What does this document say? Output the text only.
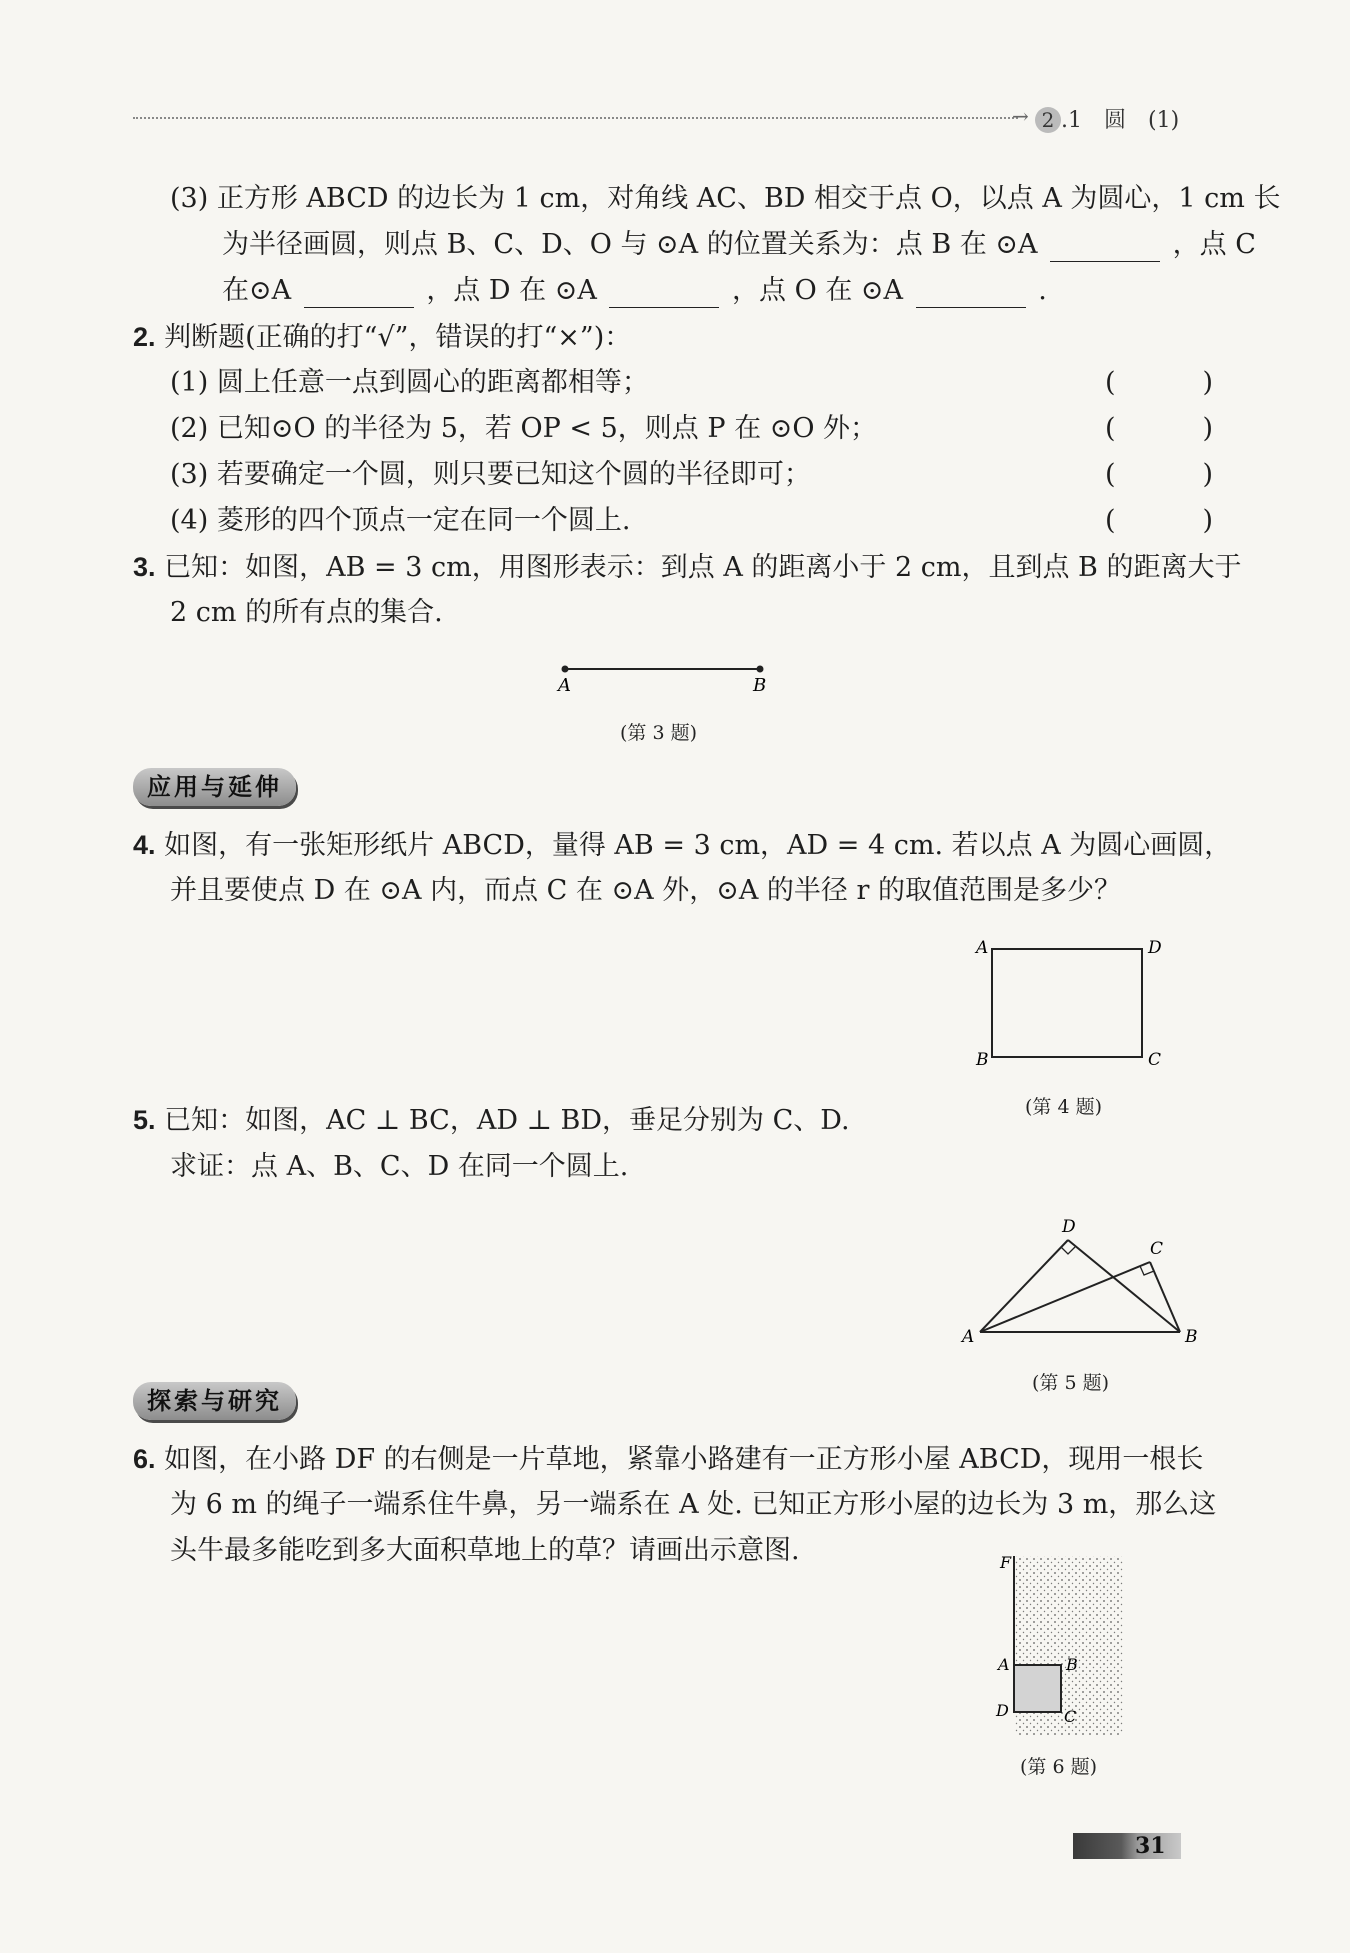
→ 2 .1　圆　(1)
(3) 正方形 ABCD 的边长为 1 cm，对角线 AC、BD 相交于点 O，以点 A 为圆心，1 cm 长
为半径画圆，则点 B、C、D、O 与 ⊙A 的位置关系为：点 B 在 ⊙A	，点 C
在⊙A	，点 D 在 ⊙A	，点 O 在 ⊙A	.
2. 判断题(正确的打“√”，错误的打“×”)：
(1) 圆上任意一点到圆心的距离都相等；	(　)
(2) 已知⊙O 的半径为 5，若 OP < 5，则点 P 在 ⊙O 外；	(　)
(3) 若要确定一个圆，则只要已知这个圆的半径即可；	(　)
(4) 菱形的四个顶点一定在同一个圆上.	(　)
3. 已知：如图，AB = 3 cm，用图形表示：到点 A 的距离小于 2 cm，且到点 B 的距离大于
2 cm 的所有点的集合.
A	B
(第 3 题)
应用与延伸
4. 如图，有一张矩形纸片 ABCD，量得 AB = 3 cm，AD = 4 cm. 若以点 A 为圆心画圆，
并且要使点 D 在 ⊙A 内，而点 C 在 ⊙A 外，⊙A 的半径 r 的取值范围是多少？
A	D
B	C
(第 4 题)
5. 已知：如图，AC ⊥ BC，AD ⊥ BD，垂足分别为 C、D.
求证：点 A、B、C、D 在同一个圆上.
A	B
D
C
(第 5 题)
探索与研究
6. 如图，在小路 DF 的右侧是一片草地，紧靠小路建有一正方形小屋 ABCD，现用一根长
为 6 m 的绳子一端系住牛鼻，另一端系在 A 处. 已知正方形小屋的边长为 3 m，那么这
头牛最多能吃到多大面积草地上的草？请画出示意图.	F
A	B
D	C
(第 6 题)
31
